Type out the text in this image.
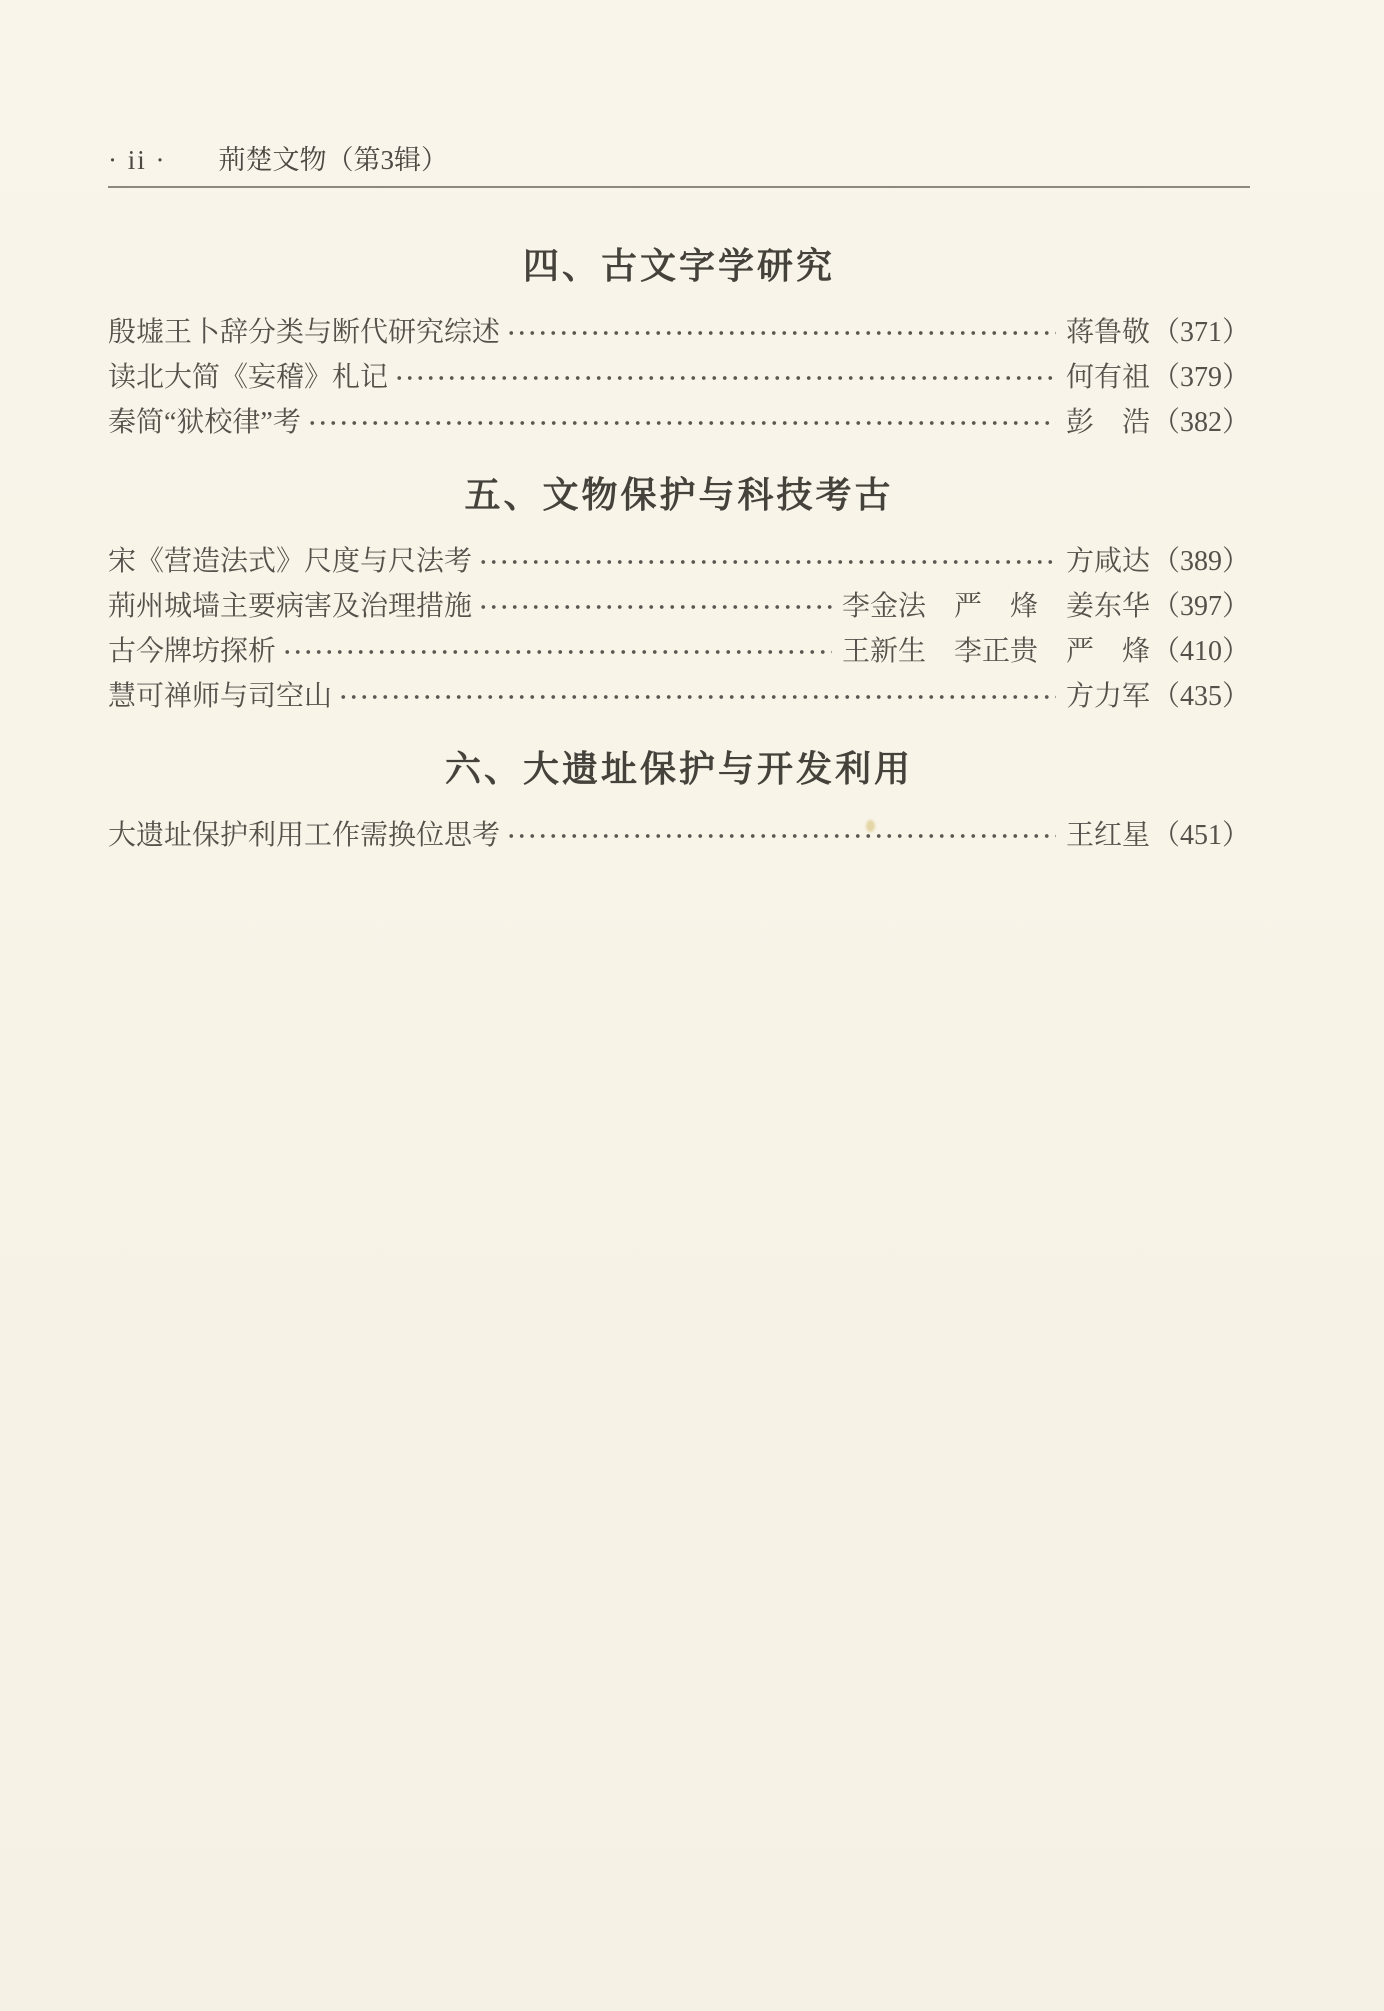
· ii · 荊楚文物（第3辑）
四、古文字学研究
殷墟王卜辞分类与断代研究综述	蒋鲁敬 （371）
读北大简《妄稽》札记	何有祖 （379）
秦简“狱校律”考	彭　浩 （382）
五、文物保护与科技考古
宋《营造法式》尺度与尺法考	方咸达 （389）
荊州城墙主要病害及治理措施	李金法　严　烽　姜东华 （397）
古今牌坊探析	王新生　李正贵　严　烽 （410）
慧可禅师与司空山	方力军 （435）
六、大遗址保护与开发利用
大遗址保护利用工作需换位思考	王红星 （451）
